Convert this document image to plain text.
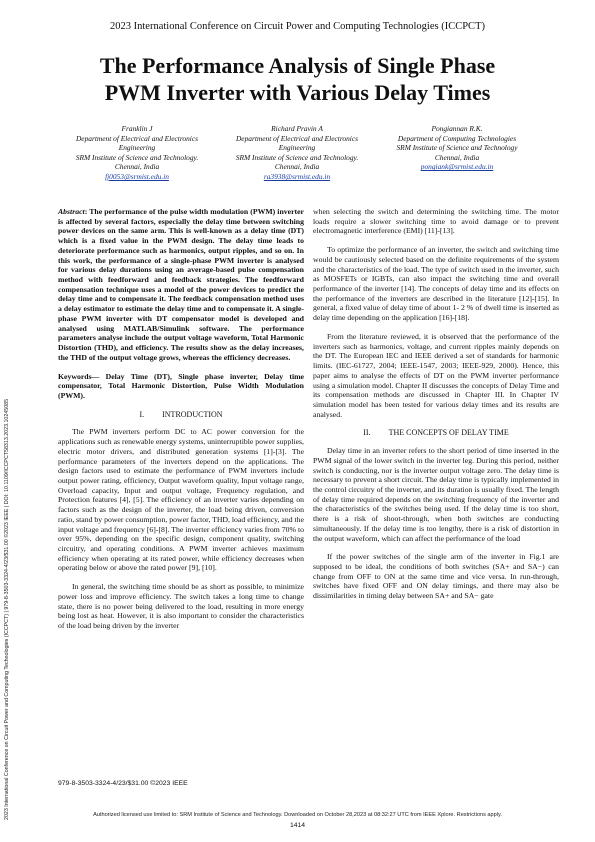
2023 International Conference on Circuit Power and Computing Technologies (ICCPCT)
The Performance Analysis of Single Phase
PWM Inverter with Various Delay Times
Franklin J
Department of Electrical and Electronics
Engineering
SRM Institute of Science and Technology.
Chennai, India
fj0053@srmist.edu.in
Richard Pravin A
Department of Electrical and Electronics
Engineering
SRM Institute of Science and Technology.
Chennai, India
ra3938@srmist.edu.in
Pongiannan R.K.
Department of Computing Technologies
SRM Institute of Science and Technology
Chennai, India
pongiank@srmist.edu.in
2023 International Conference on Circuit Power and Computing Technologies (ICCPCT) | 979-8-3503-3324-4/23/$31.00 ©2023 IEEE | DOI: 10.1109/ICCPCT58313.2023.10245085

Abstract: The performance of the pulse width modulation (PWM) inverter is affected by several factors, especially the delay time between switching power devices on the same arm. This is well-known as a delay time (DT) which is a fixed value in the PWM design. The delay time leads to deteriorate performance such as harmonics, output ripples, and so on. In this work, the performance of a single-phase PWM inverter is analysed for various delay durations using an average-based pulse compensation method with feedforward and feedback strategies. The feedforward compensation technique uses a model of the power devices to predict the delay time and to compensate it. The feedback compensation method uses a delay estimator to estimate the delay time and to compensate it. A single-phase PWM inverter with DT compensator model is developed and analysed using MATLAB/Simulink software. The performance parameters analyse include the output voltage waveform, Total Harmonic Distortion (THD), and efficiency. The results show as the delay increases, the THD of the output voltage grows, whereas the efficiency decreases.

Keywords— Delay Time (DT), Single phase inverter, Delay time compensator, Total Harmonic Distortion, Pulse Width Modulation (PWM).

I. INTRODUCTION

The PWM inverters perform DC to AC power conversion for the applications such as renewable energy systems, uninterruptible power supplies, electric motor drivers, and distributed generation systems [1]-[3]. The performance parameters of the inverters depend on the applications. The design factors used to estimate the performance of PWM inverters include output power rating, efficiency, Output waveform quality, Input voltage range, Overload capacity, Input and output voltage, Frequency regulation, and Protection features [4], [5]. The efficiency of an inverter varies depending on factors such as the design of the inverter, the load being driven, conversion ratio, stand by power consumption, power factor, THD, load efficiency, and the input voltage and frequency [6]-[8]. The inverter efficiency varies from 70% to over 95%, depending on the specific design, component quality, switching circuitry, and operating conditions. A PWM inverter achieves maximum efficiency when operating at its rated power, while efficiency decreases when operating below or above the rated power [9], [10].

In general, the switching time should be as short as possible, to minimize power loss and improve efficiency. The switch takes a long time to change state, there is no power being delivered to the load, resulting in more energy being lost as heat. However, it is also important to consider the characteristics of the load being driven by the inverter

when selecting the switch and determining the switching time. The motor loads require a slower switching time to avoid damage or to prevent electromagnetic interference (EMI) [11]-[13].

To optimize the performance of an inverter, the switch and switching time would be cautiously selected based on the definite requirements of the system and the characteristics of the load. The type of switch used in the inverter, such as MOSFETs or IGBTs, can also impact the switching time and overall performance of the inverter [14]. The concepts of delay time and its effects on the performance of the inverters are described in the literature [12]-[15]. In general, a fixed value of delay time of about 1- 2 % of dwell time is inserted as delay time depending on the application [16]-[18].

From the literature reviewed, it is observed that the performance of the inverters such as harmonics, voltage, and current ripples mainly depends on the DT. The European IEC and IEEE derived a set of standards for harmonic limits. (IEC-61727, 2004; IEEE-1547, 2003; IEEE-929, 2000). Hence, this paper aims to analyse the effects of DT on the PWM inverter performance using a simulation model. Chapter II discusses the concepts of Delay Time and its compensation methods are discussed in Chapter III. In Chapter IV simulation model has been tested for various delay times and its results are analysed.

II. THE CONCEPTS OF DELAY TIME

Delay time in an inverter refers to the short period of time inserted in the PWM signal of the lower switch in the inverter leg. During this period, neither switch is conducting, nor is the inverter output voltage zero. The delay time is necessary to prevent a short circuit. The delay time is typically implemented in the control circuitry of the inverter, and its duration is usually fixed. The length of delay time required depends on the switching frequency of the inverter and the characteristics of the switches being used. If the delay time is too short, there is a risk of shoot-through, when both switches are conducting simultaneously. If the delay time is too lengthy, there is a risk of distortion in the output waveform, which can affect the performance of the load

If the power switches of the single arm of the inverter in Fig.1 are supposed to be ideal, the conditions of both switches (SA+ and SA−) can change from OFF to ON at the same time and vice versa. In run-through, switches have fixed OFF and ON delay timings, and there may also be dissimilarities in timing delay between SA+ and SA− gate

979-8-3503-3324-4/23/$31.00 ©2023 IEEE
Authorized licensed use limited to: SRM Institute of Science and Technology. Downloaded on October 28,2023 at 08:32:27 UTC from IEEE Xplore. Restrictions apply.
1414
